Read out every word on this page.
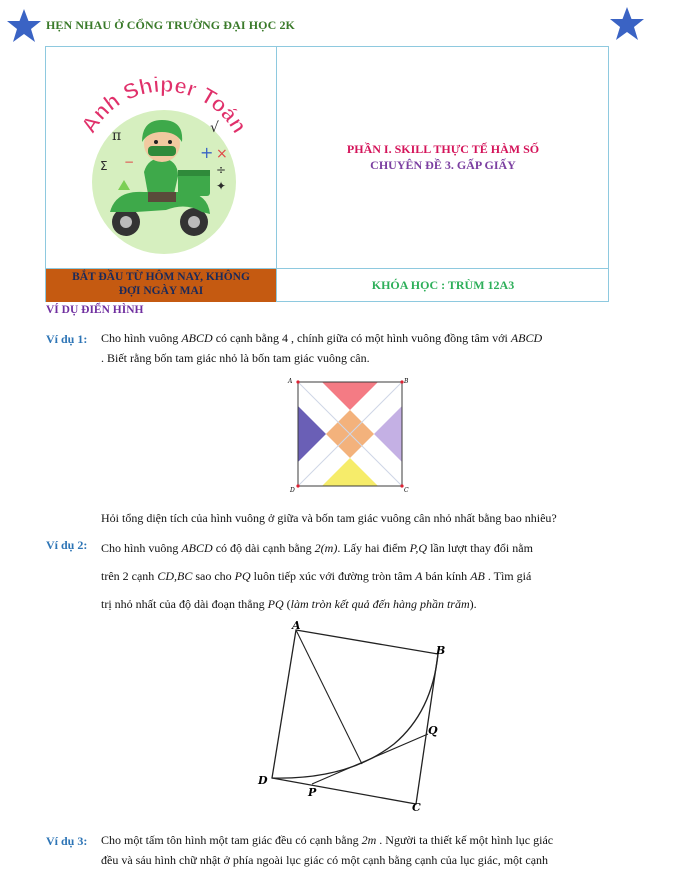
HẸN NHAU Ở CỔNG TRƯỜNG ĐẠI HỌC 2K
Anh Shiper Toán
π
−
Σ
√
×
+
÷
✦
PHẦN I. SKILL THỰC TẾ HÀM SỐ
CHUYÊN ĐỀ 3. GẤP GIẤY
BẮT ĐẦU TỪ HÔM NAY, KHÔNG
ĐỢI NGÀY MAI	KHÓA HỌC : TRÙM 12A3
VÍ DỤ ĐIỂN HÌNH
Ví dụ 1: Cho hình vuông ABCD có cạnh bằng 4 , chính giữa có một hình vuông đồng tâm với ABCD
. Biết rằng bốn tam giác nhỏ là bốn tam giác vuông cân.
A	B
C
D
Hỏi tổng diện tích của hình vuông ở giữa và bốn tam giác vuông cân nhỏ nhất bằng bao nhiêu?
Ví dụ 2: Cho hình vuông ABCD có độ dài cạnh bằng 2(m). Lấy hai điểm P,Q lần lượt thay đổi nằm
trên 2 cạnh CD,BC sao cho PQ luôn tiếp xúc với đường tròn tâm A bán kính AB . Tìm giá
trị nhỏ nhất của độ dài đoạn thẳng PQ (làm tròn kết quả đến hàng phần trăm).
A
B
Q
D
P
C
Ví dụ 3: Cho một tấm tôn hình một tam giác đều có cạnh bằng 2m . Người ta thiết kế một hình lục giác
đều và sáu hình chữ nhật ở phía ngoài lục giác có một cạnh bằng cạnh của lục giác, một cạnh
